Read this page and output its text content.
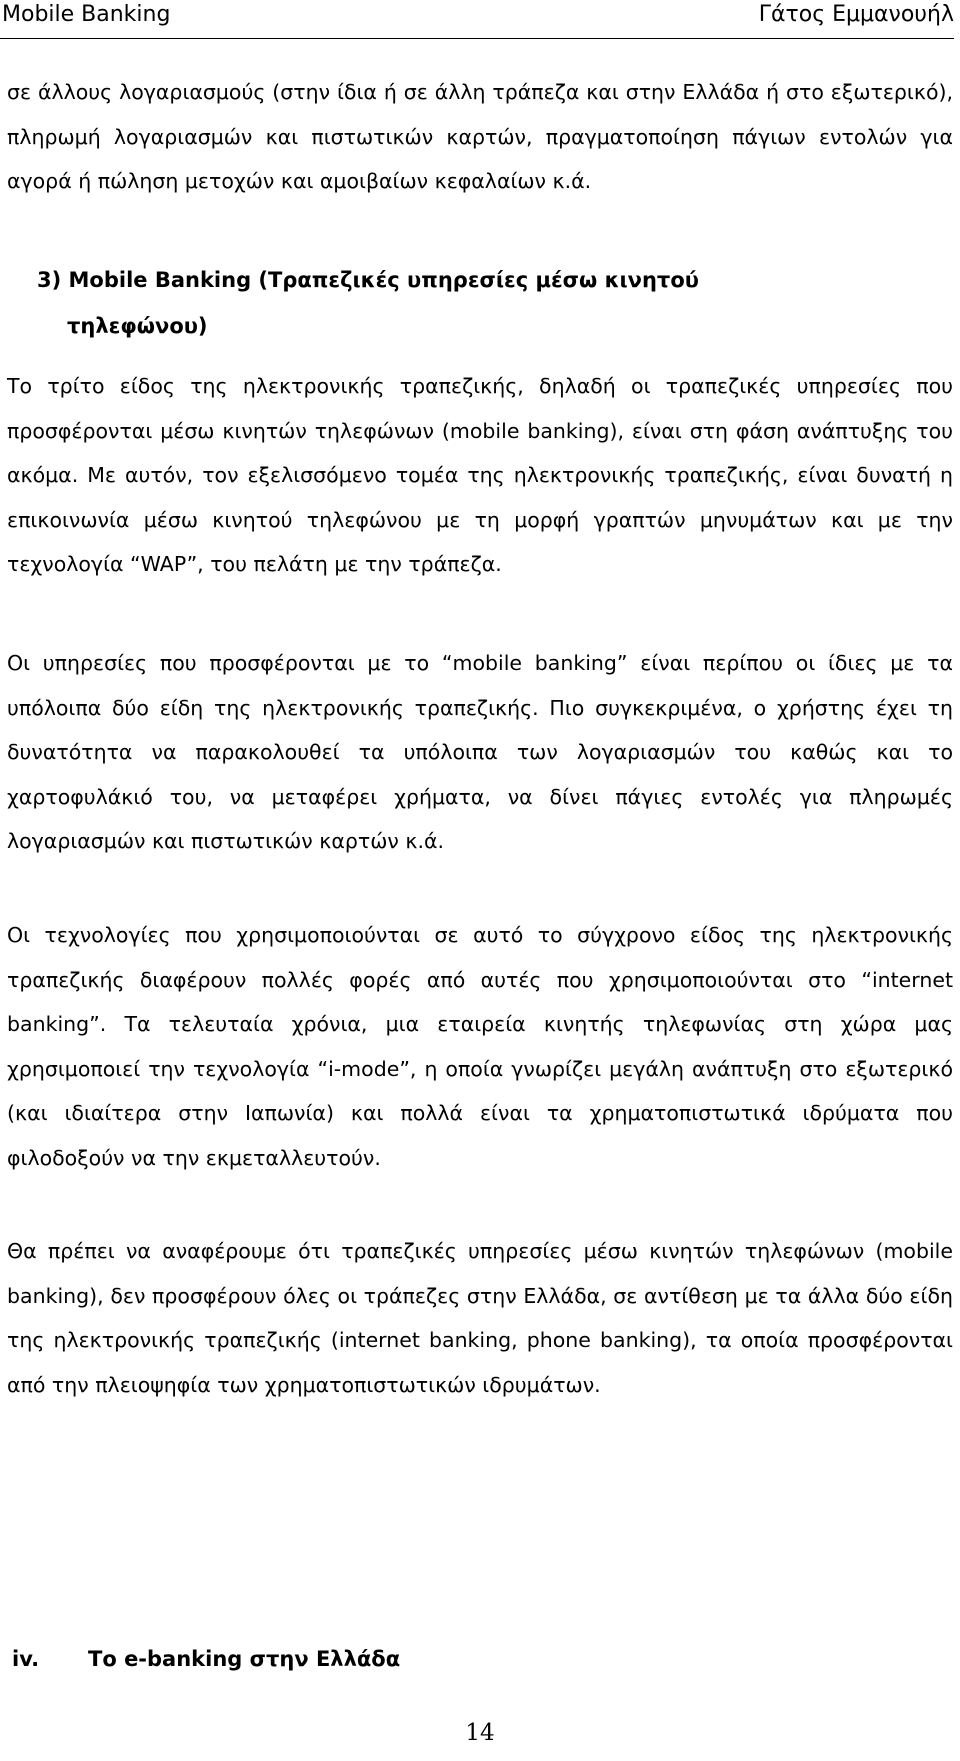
Mobile Banking	Γάτος Εμμανουήλ

σε άλλους λογαριασμούς (στην ίδια ή σε άλλη τράπεζα και στην Ελλάδα ή στο εξωτερικό), πληρωμή λογαριασμών και πιστωτικών καρτών, πραγματοποίηση πάγιων εντολών για αγορά ή πώληση μετοχών και αμοιβαίων κεφαλαίων κ.ά.

3) Mobile Banking (Τραπεζικές υπηρεσίες μέσω κινητού
τηλεφώνου)

Το τρίτο είδος της ηλεκτρονικής τραπεζικής, δηλαδή οι τραπεζικές υπηρεσίες που προσφέρονται μέσω κινητών τηλεφώνων (mobile banking), είναι στη φάση ανάπτυξης του ακόμα. Με αυτόν, τον εξελισσόμενο τομέα της ηλεκτρονικής τραπεζικής, είναι δυνατή η επικοινωνία μέσω κινητού τηλεφώνου με τη μορφή γραπτών μηνυμάτων και με την τεχνολογία “WAP”, του πελάτη με την τράπεζα.

Οι υπηρεσίες που προσφέρονται με το “mobile banking” είναι περίπου οι ίδιες με τα υπόλοιπα δύο είδη της ηλεκτρονικής τραπεζικής. Πιο συγκεκριμένα, ο χρήστης έχει τη δυνατότητα να παρακολουθεί τα υπόλοιπα των λογαριασμών του καθώς και το χαρτοφυλάκιό του, να μεταφέρει χρήματα, να δίνει πάγιες εντολές για πληρωμές λογαριασμών και πιστωτικών καρτών κ.ά.

Οι τεχνολογίες που χρησιμοποιούνται σε αυτό το σύγχρονο είδος της ηλεκτρονικής τραπεζικής διαφέρουν πολλές φορές από αυτές που χρησιμοποιούνται στο “internet banking”. Τα τελευταία χρόνια, μια εταιρεία κινητής τηλεφωνίας στη χώρα μας χρησιμοποιεί την τεχνολογία “i-mode”, η οποία γνωρίζει μεγάλη ανάπτυξη στο εξωτερικό (και ιδιαίτερα στην Ιαπωνία) και πολλά είναι τα χρηματοπιστωτικά ιδρύματα που φιλοδοξούν να την εκμεταλλευτούν.

Θα πρέπει να αναφέρουμε ότι τραπεζικές υπηρεσίες μέσω κινητών τηλεφώνων (mobile banking), δεν προσφέρουν όλες οι τράπεζες στην Ελλάδα, σε αντίθεση με τα άλλα δύο είδη της ηλεκτρονικής τραπεζικής (internet banking, phone banking), τα οποία προσφέρονται από την πλειοψηφία των χρηματοπιστωτικών ιδρυμάτων.

iv. Το e-banking στην Ελλάδα
14
